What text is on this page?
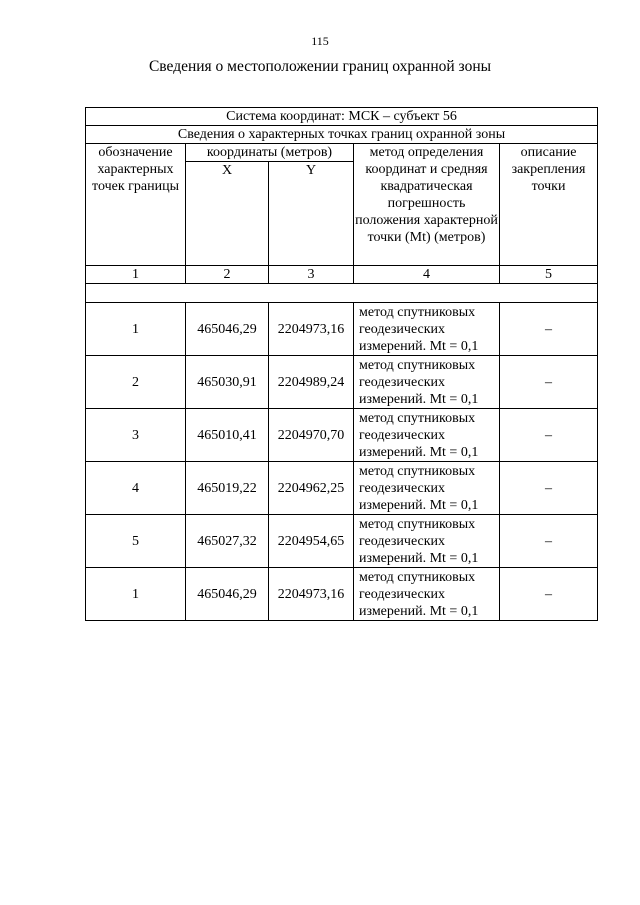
115
Сведения о местоположении границ охранной зоны
Система координат: МСК – субъект 56				
Сведения о характерных точках границ охранной зоны				
обозначение характерных точек границы	координаты (метров)		метод определения координат и средняя квадратическая погрешность положения характерной точки (Mt) (метров)	описание закрепления точки
	X	Y		
1	2	3	4	5

1	465046,29	2204973,16	метод спутниковых геодезических измерений. Mt = 0,1	–
2	465030,91	2204989,24	метод спутниковых геодезических измерений. Mt = 0,1	–
3	465010,41	2204970,70	метод спутниковых геодезических измерений. Mt = 0,1	–
4	465019,22	2204962,25	метод спутниковых геодезических измерений. Mt = 0,1	–
5	465027,32	2204954,65	метод спутниковых геодезических измерений. Mt = 0,1	–
1	465046,29	2204973,16	метод спутниковых геодезических измерений. Mt = 0,1	–
